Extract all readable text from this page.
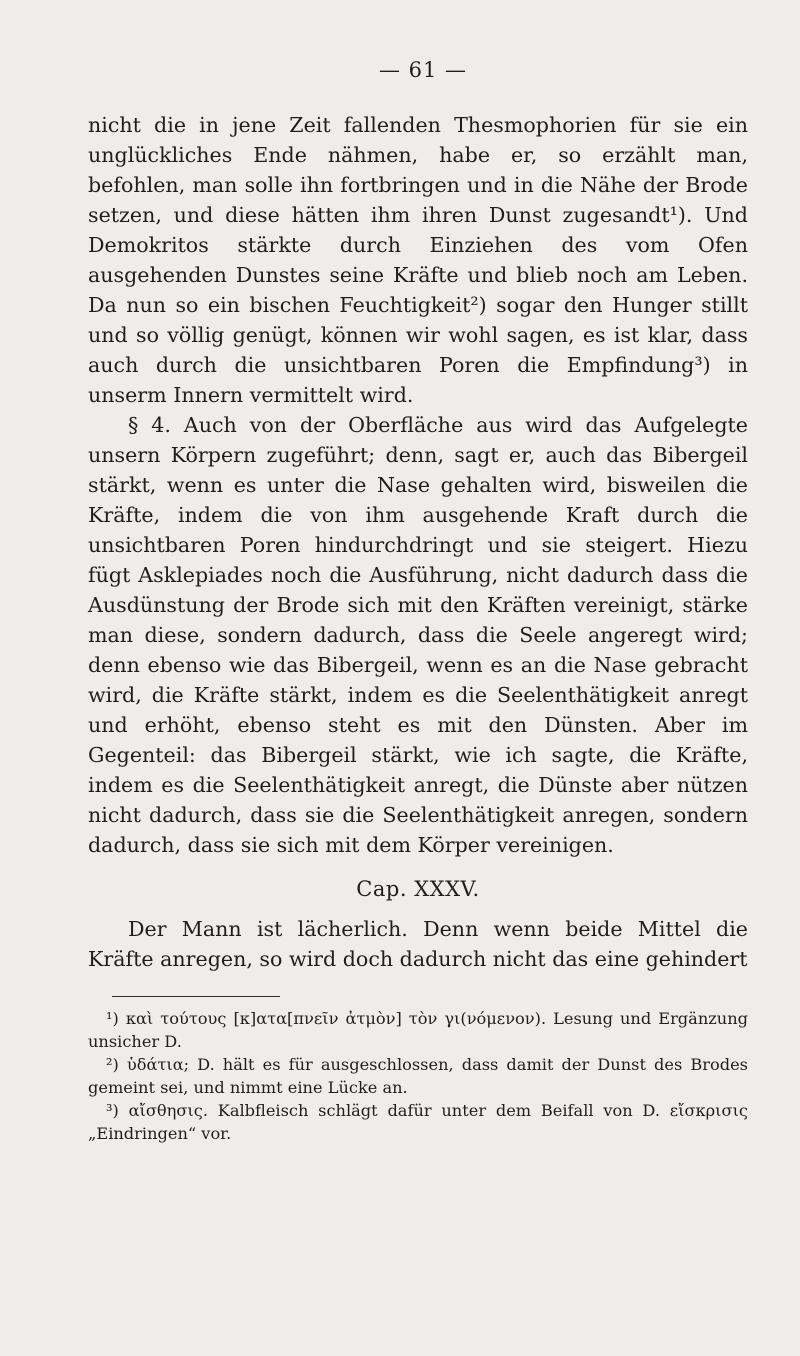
— 61 —

nicht die in jene Zeit fallenden Thesmophorien für sie ein unglückliches Ende nähmen, habe er, so erzählt man, befohlen, man solle ihn fortbringen und in die Nähe der Brode setzen, und diese hätten ihm ihren Dunst zugesandt¹). Und Demokritos stärkte durch Einziehen des vom Ofen ausgehenden Dunstes seine Kräfte und blieb noch am Leben. Da nun so ein bischen Feuchtigkeit²) sogar den Hunger stillt und so völlig genügt, können wir wohl sagen, es ist klar, dass auch durch die unsichtbaren Poren die Empfindung³) in unserm Innern vermittelt wird.

§ 4. Auch von der Oberfläche aus wird das Aufgelegte unsern Körpern zugeführt; denn, sagt er, auch das Bibergeil stärkt, wenn es unter die Nase gehalten wird, bisweilen die Kräfte, indem die von ihm ausgehende Kraft durch die unsichtbaren Poren hindurchdringt und sie steigert. Hiezu fügt Asklepiades noch die Ausführung, nicht dadurch dass die Ausdünstung der Brode sich mit den Kräften vereinigt, stärke man diese, sondern dadurch, dass die Seele angeregt wird; denn ebenso wie das Bibergeil, wenn es an die Nase gebracht wird, die Kräfte stärkt, indem es die Seelenthätigkeit anregt und erhöht, ebenso steht es mit den Dünsten. Aber im Gegenteil: das Bibergeil stärkt, wie ich sagte, die Kräfte, indem es die Seelenthätigkeit anregt, die Dünste aber nützen nicht dadurch, dass sie die Seelenthätigkeit anregen, sondern dadurch, dass sie sich mit dem Körper vereinigen.

Cap. XXXV.

Der Mann ist lächerlich. Denn wenn beide Mittel die Kräfte anregen, so wird doch dadurch nicht das eine gehindert

¹) καὶ τούτους [κ]ατα[πνεῖν ἀτμὸν] τὸν γι(νόμενον). Lesung und Ergänzung unsicher D.

²) ὑδάτια; D. hält es für ausgeschlossen, dass damit der Dunst des Brodes gemeint sei, und nimmt eine Lücke an.

³) αἴσθησις. Kalbfleisch schlägt dafür unter dem Beifall von D. εἴσκρισις „Eindringen“ vor.
